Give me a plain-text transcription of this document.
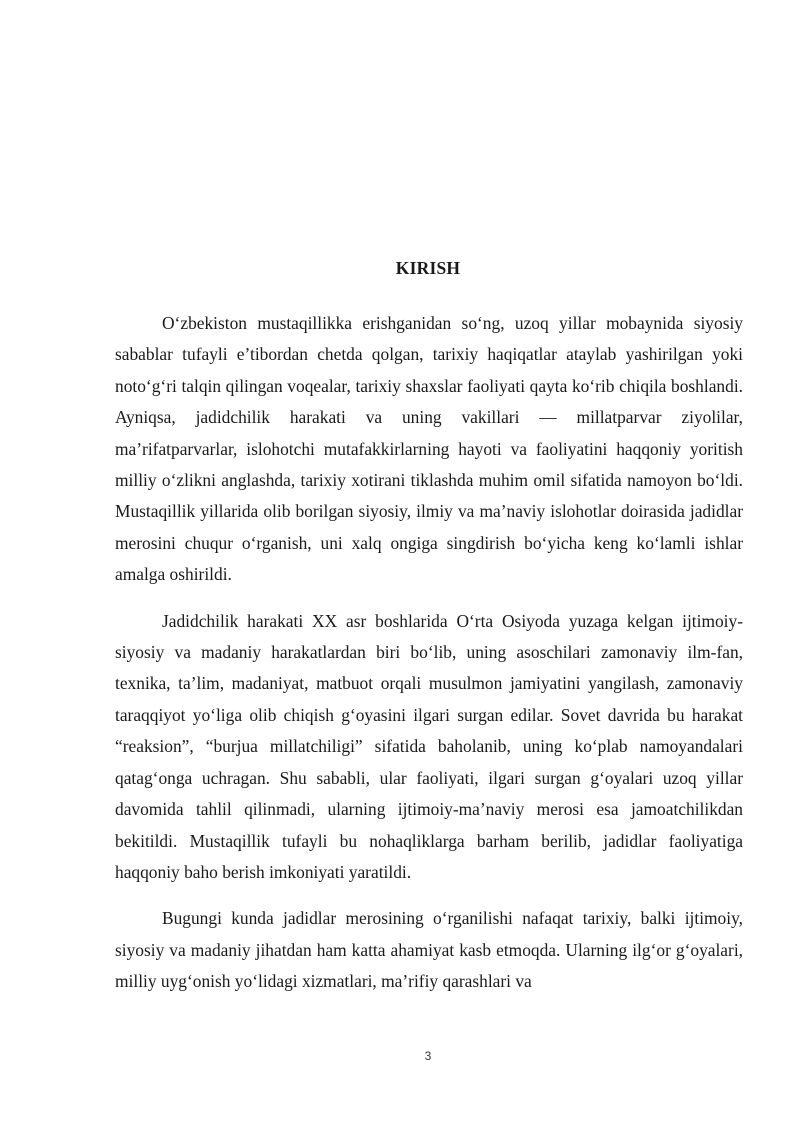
KIRISH

O‘zbekiston mustaqillikka erishganidan so‘ng, uzoq yillar mobaynida siyosiy sabablar tufayli e’tibordan chetda qolgan, tarixiy haqiqatlar ataylab yashirilgan yoki noto‘g‘ri talqin qilingan voqealar, tarixiy shaxslar faoliyati qayta ko‘rib chiqila boshlandi. Ayniqsa, jadidchilik harakati va uning vakillari — millatparvar ziyolilar, ma’rifatparvarlar, islohotchi mutafakkirlarning hayoti va faoliyatini haqqoniy yoritish milliy o‘zlikni anglashda, tarixiy xotirani tiklashda muhim omil sifatida namoyon bo‘ldi. Mustaqillik yillarida olib borilgan siyosiy, ilmiy va ma’naviy islohotlar doirasida jadidlar merosini chuqur o‘rganish, uni xalq ongiga singdirish bo‘yicha keng ko‘lamli ishlar amalga oshirildi.

Jadidchilik harakati XX asr boshlarida O‘rta Osiyoda yuzaga kelgan ijtimoiy-siyosiy va madaniy harakatlardan biri bo‘lib, uning asoschilari zamonaviy ilm-fan, texnika, ta’lim, madaniyat, matbuot orqali musulmon jamiyatini yangilash, zamonaviy taraqqiyot yo‘liga olib chiqish g‘oyasini ilgari surgan edilar. Sovet davrida bu harakat “reaksion”, “burjua millatchiligi” sifatida baholanib, uning ko‘plab namoyandalari qatag‘onga uchragan. Shu sababli, ular faoliyati, ilgari surgan g‘oyalari uzoq yillar davomida tahlil qilinmadi, ularning ijtimoiy-ma’naviy merosi esa jamoatchilikdan bekitildi. Mustaqillik tufayli bu nohaqliklarga barham berilib, jadidlar faoliyatiga haqqoniy baho berish imkoniyati yaratildi.

Bugungi kunda jadidlar merosining o‘rganilishi nafaqat tarixiy, balki ijtimoiy, siyosiy va madaniy jihatdan ham katta ahamiyat kasb etmoqda. Ularning ilg‘or g‘oyalari, milliy uyg‘onish yo‘lidagi xizmatlari, ma’rifiy qarashlari va

3
